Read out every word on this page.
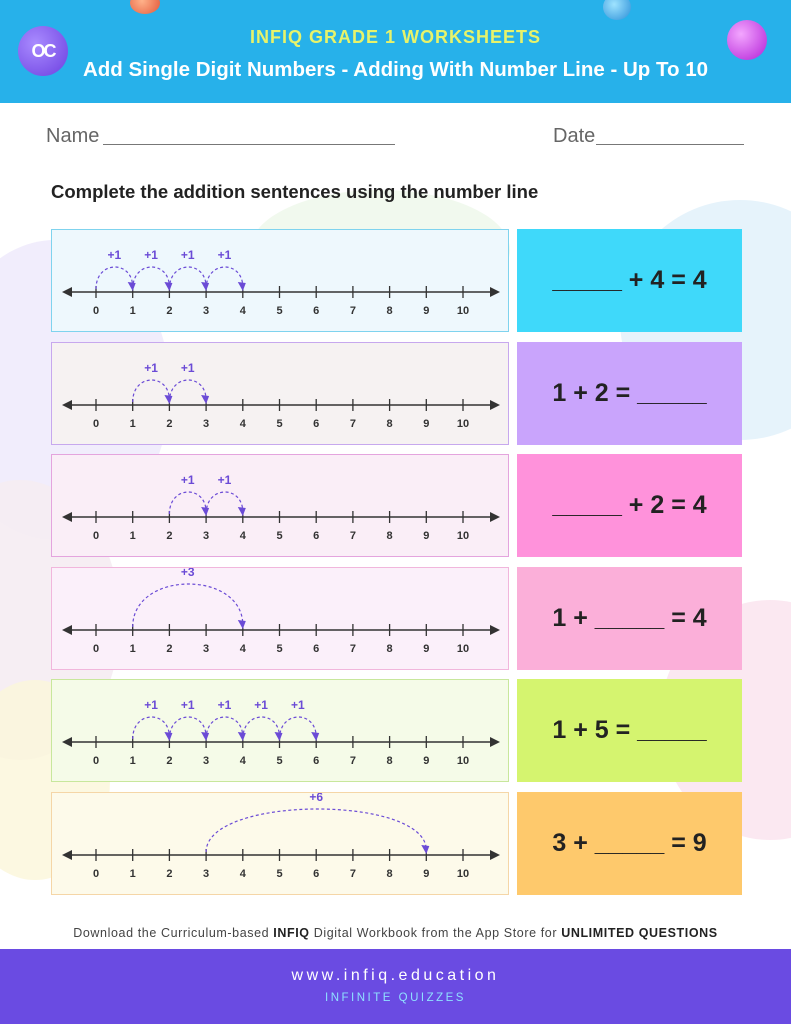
OC
INFIQ GRADE 1 WORKSHEETS
Add Single Digit Numbers - Adding With Number Line - Up To 10
Name	Date
Complete the addition sentences using the number line
0	1	2	3	4	5	6	7	8	9	10
+1 +1 +1 +1
_____ + 4 = 4
0	1	2	3	4	5	6	7	8	9	10
+1 +1
1 + 2 = _____
0	1	2	3	4	5	6	7	8	9	10
+1 +1
_____ + 2 = 4
0	1	2	3	4	5	6	7	8	9	10
+3
1 + _____ = 4
0	1	2	3	4	5	6	7	8	9	10
+1 +1 +1 +1 +1
1 + 5 = _____
0	1	2	3	4	5	6	7	8	9	10
+6
3 + _____ = 9
Download the Curriculum-based INFIQ Digital Workbook from the App Store for UNLIMITED QUESTIONS
www.infiq.education
INFINITE QUIZZES
